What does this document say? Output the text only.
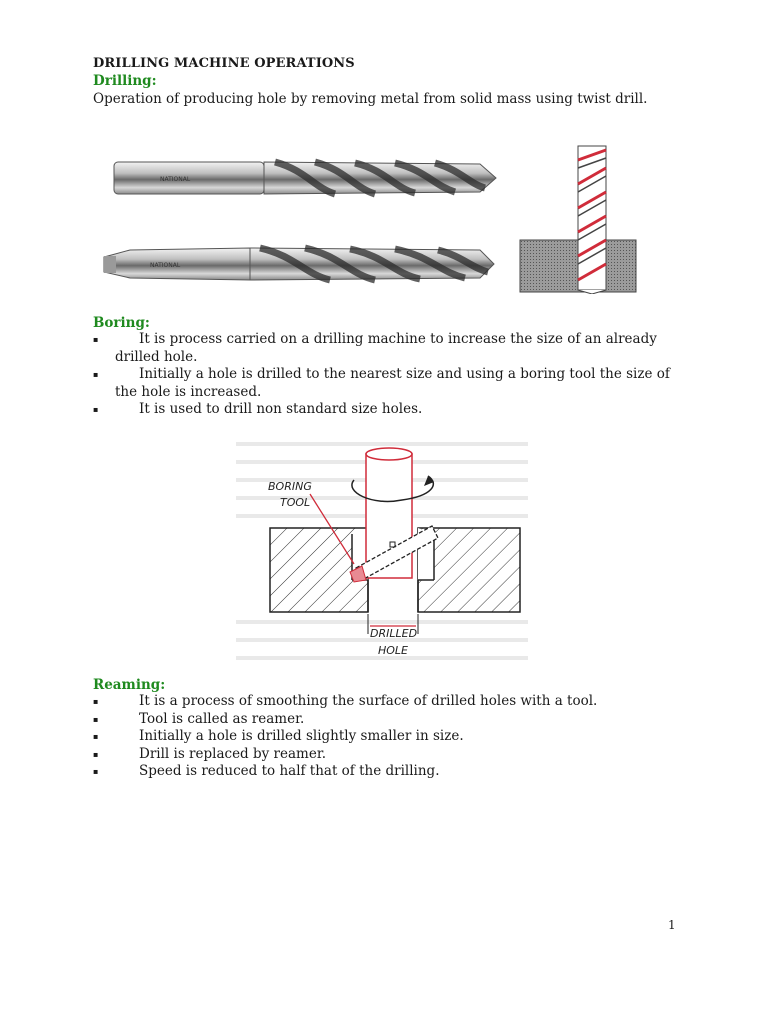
DRILLING MACHINE OPERATIONS
Drilling:
Operation of producing hole by removing metal from solid mass using twist drill.
NATIONAL
NATIONAL
Boring:
▪	It is process carried on a drilling machine to increase the size of an already drilled hole.
▪	Initially a hole is drilled to the nearest size and using a boring tool the size of the hole is increased.
▪	It is used to drill non standard size holes.
BORING
TOOL
DRILLED
HOLE
Reaming:
▪	It is a process of smoothing the surface of drilled holes with a tool.
▪	Tool is called as reamer.
▪	Initially a hole is drilled slightly smaller in size.
▪	Drill is replaced by reamer.
▪	Speed is reduced to half that of the drilling.
1
